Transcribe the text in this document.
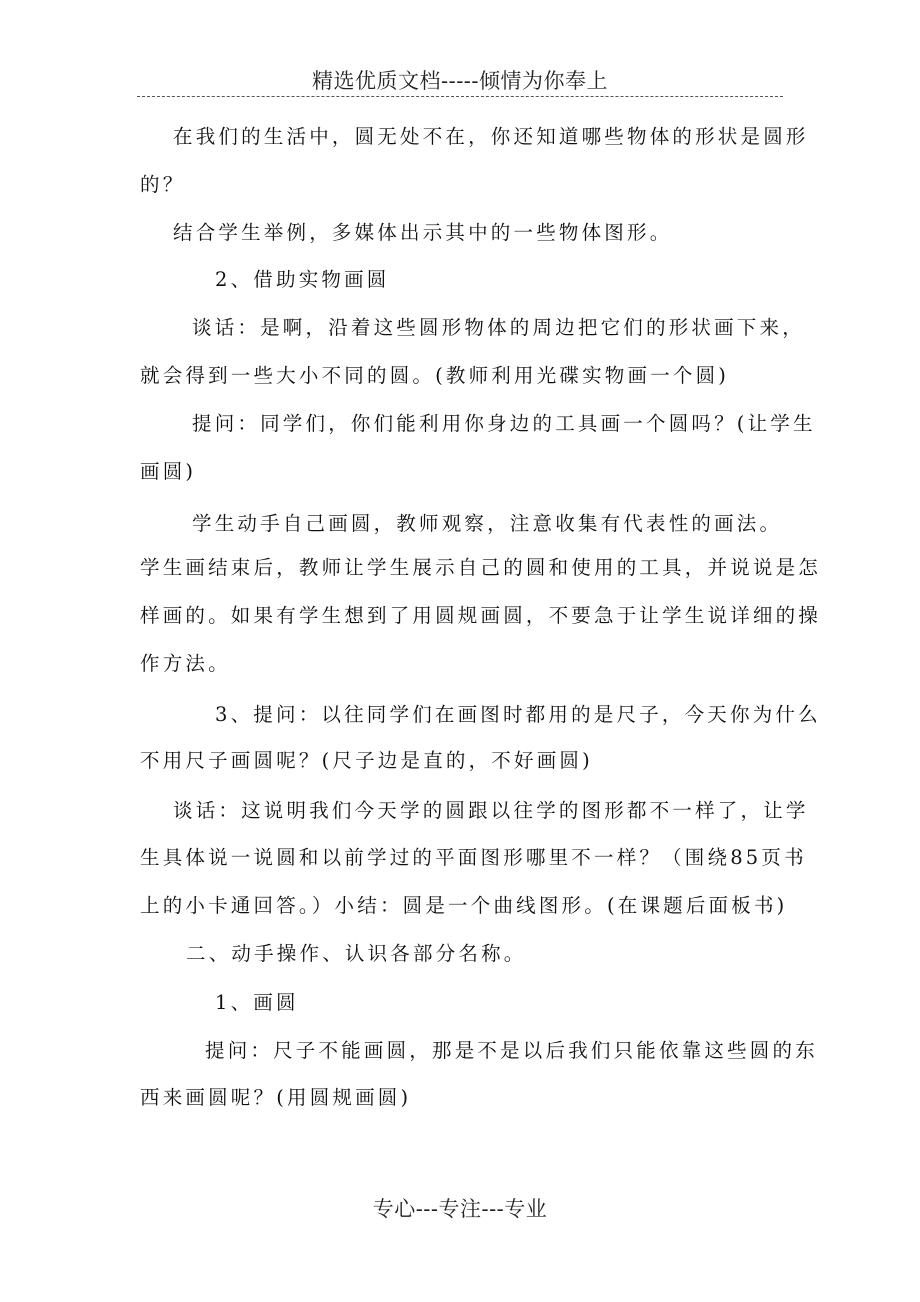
精选优质文档-----倾情为你奉上
在我们的生活中，圆无处不在，你还知道哪些物体的形状是圆形
的？
结合学生举例，多媒体出示其中的一些物体图形。
2、借助实物画圆
谈话：是啊，沿着这些圆形物体的周边把它们的形状画下来，
就会得到一些大小不同的圆。(教师利用光碟实物画一个圆)
提问：同学们，你们能利用你身边的工具画一个圆吗？(让学生
画圆)
学生动手自己画圆，教师观察，注意收集有代表性的画法。
学生画结束后，教师让学生展示自己的圆和使用的工具，并说说是怎
样画的。如果有学生想到了用圆规画圆，不要急于让学生说详细的操
作方法。
3、提问：以往同学们在画图时都用的是尺子，今天你为什么
不用尺子画圆呢？(尺子边是直的，不好画圆)
谈话：这说明我们今天学的圆跟以往学的图形都不一样了，让学
生具体说一说圆和以前学过的平面图形哪里不一样？（围绕85页书
上的小卡通回答。）小结：圆是一个曲线图形。(在课题后面板书)
二、动手操作、认识各部分名称。
1、画圆
提问：尺子不能画圆，那是不是以后我们只能依靠这些圆的东
西来画圆呢？(用圆规画圆)
专心---专注---专业
